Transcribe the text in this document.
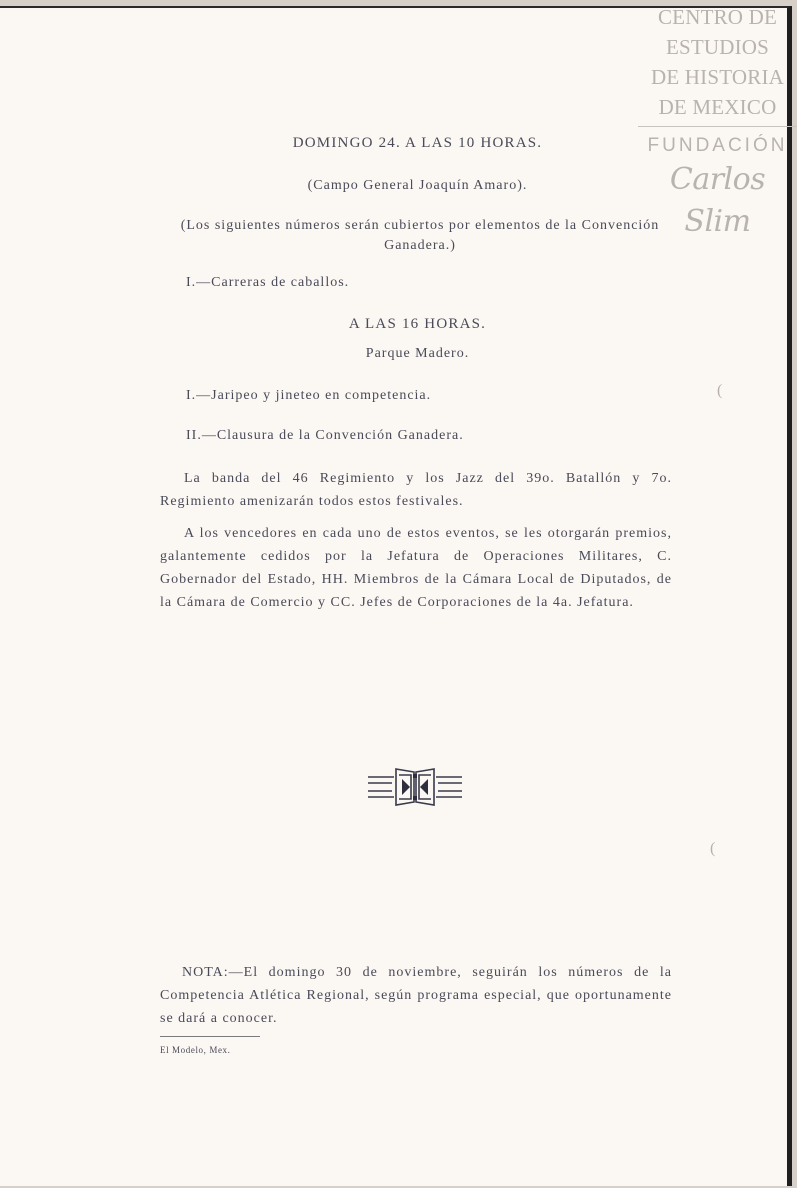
CENTRO DE
ESTUDIOS
DE HISTORIA
DE MEXICO
FUNDACIÓN
Carlos Slim
DOMINGO 24. A LAS 10 HORAS.
(Campo General Joaquín Amaro).
(Los siguientes números serán cubiertos por elementos de la Convención Ganadera.)
I.—Carreras de caballos.
A LAS 16 HORAS.
Parque Madero.
I.—Jaripeo y jineteo en competencia.
II.—Clausura de la Convención Ganadera.
La banda del 46 Regimiento y los Jazz del 39o. Batallón y 7o. Regimiento amenizarán todos estos festivales.
A los vencedores en cada uno de estos eventos, se les otorgarán premios, galantemente cedidos por la Jefatura de Operaciones Militares, C. Gobernador del Estado, HH. Miembros de la Cámara Local de Diputados, de la Cámara de Comercio y CC. Jefes de Corporaciones de la 4a. Jefatura.
NOTA:—El domingo 30 de noviembre, seguirán los números de la Competencia Atlética Regional, según programa especial, que oportunamente se dará a conocer.
El Modelo, Mex.
(
(
